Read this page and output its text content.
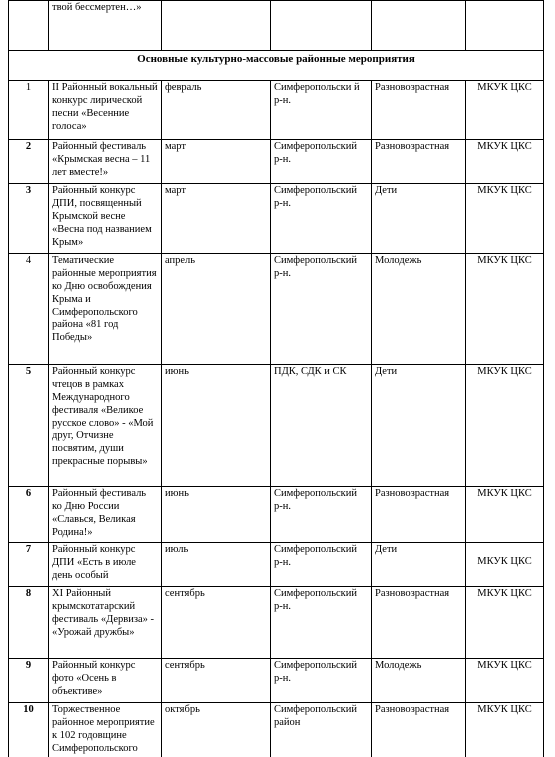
	твой бессмертен…»				
Основные культурно-массовые районные мероприятия					
1	II Районный вокальный конкурс лирической песни «Весенние голоса»	февраль	Симферопольски й р-н.	Разновозрастная	МКУК ЦКС
2	Районный фестиваль «Крымская весна – 11 лет вместе!»	март	Симферопольский р-н.	Разновозрастная	МКУК ЦКС
3	Районный конкурс ДПИ, посвященный Крымской весне «Весна под названием Крым»	март	Симферопольский р-н.	Дети	МКУК ЦКС
4	Тематические районные мероприятия ко Дню освобождения Крыма и Симферопольского района «81 год Победы»	апрель	Симферопольский р-н.	Молодежь	МКУК ЦКС
5	Районный конкурс чтецов в рамках Международного фестиваля «Великое русское слово» - «Мой друг, Отчизне посвятим, души прекрасные порывы»	июнь	ПДК, СДК и СК	Дети	МКУК ЦКС
6	Районный фестиваль ко Дню России «Славься, Великая Родина!»	июнь	Симферопольский р-н.	Разновозрастная	МКУК ЦКС
7	Районный конкурс ДПИ «Есть в июле день особый	июль	Симферопольский р-н.	Дети	МКУК ЦКС
8	XI Районный крымскотатарский фестиваль «Дервиза» - «Урожай дружбы»	сентябрь	Симферопольский р-н.	Разновозрастная	МКУК ЦКС
9	Районный конкурс фото «Осень в объективе»	сентябрь	Симферопольский р-н.	Молодежь	МКУК ЦКС
10	Торжественное районное мероприятие к 102 годовщине Симферопольского	октябрь	Симферопольский район	Разновозрастная	МКУК ЦКС
